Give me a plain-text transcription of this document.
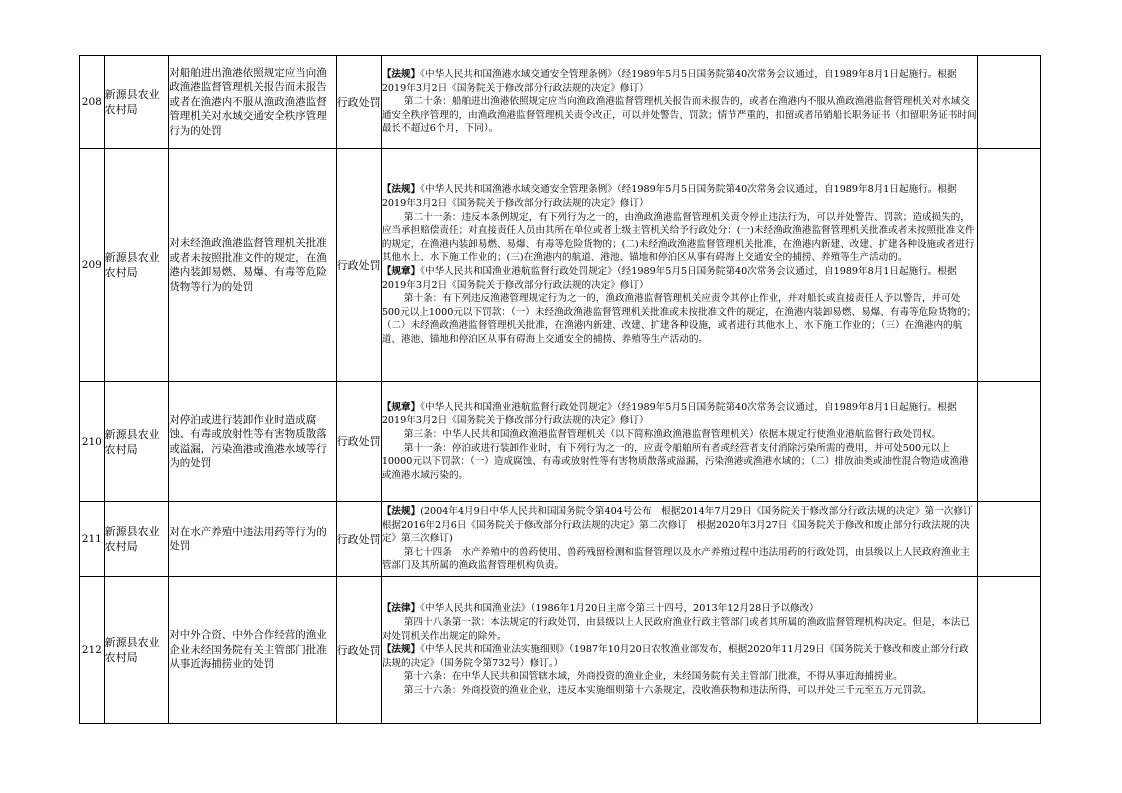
208	新源县农业农村局	对船舶进出渔港依照规定应当向渔政渔港监督管理机关报告而未报告或者在渔港内不服从渔政渔港监督管理机关对水域交通安全秩序管理行为的处罚	行政处罚	【法规】《中华人民共和国渔港水域交通安全管理条例》（经1989年5月5日国务院第40次常务会议通过，自1989年8月1日起施行。根据2019年3月2日《国务院关于修改部分行政法规的决定》修订）

第二十条：船舶进出渔港依照规定应当向渔政渔港监督管理机关报告而未报告的，或者在渔港内不服从渔政渔港监督管理机关对水域交通安全秩序管理的，由渔政渔港监督管理机关责令改正，可以并处警告、罚款；情节严重的，扣留或者吊销船长职务证书（扣留职务证书时间最长不超过6个月，下同）。	

209	新源县农业农村局	对未经渔政渔港监督管理机关批准或者未按照批准文件的规定，在渔港内装卸易燃、易爆、有毒等危险货物等行为的处罚	行政处罚	【法规】《中华人民共和国渔港水域交通安全管理条例》（经1989年5月5日国务院第40次常务会议通过，自1989年8月1日起施行。根据2019年3月2日《国务院关于修改部分行政法规的决定》修订）

第二十一条：违反本条例规定，有下列行为之一的，由渔政渔港监督管理机关责令停止违法行为，可以并处警告、罚款；造成损失的，应当承担赔偿责任；对直接责任人员由其所在单位或者上级主管机关给予行政处分：(一)未经渔政渔港监督管理机关批准或者未按照批准文件的规定，在渔港内装卸易燃、易爆、有毒等危险货物的；(二)未经渔政渔港监督管理机关批准，在渔港内新建、改建、扩建各种设施或者进行其他水上、水下施工作业的；(三)在渔港内的航道、港池、锚地和停泊区从事有碍海上交通安全的捕捞、养殖等生产活动的。

【规章】《中华人民共和国渔业港航监督行政处罚规定》（经1989年5月5日国务院第40次常务会议通过，自1989年8月1日起施行。根据2019年3月2日《国务院关于修改部分行政法规的决定》修订）

第十条：有下列违反渔港管理规定行为之一的，渔政渔港监督管理机关应责令其停止作业，并对船长或直接责任人予以警告，并可处500元以上1000元以下罚款：（一）未经渔政渔港监督管理机关批准或未按批准文件的规定，在渔港内装卸易燃、易爆、有毒等危险货物的；（二）未经渔政渔港监督管理机关批准，在渔港内新建、改建、扩建各种设施，或者进行其他水上、水下施工作业的；（三）在渔港内的航道、港池、锚地和停泊区从事有碍海上交通安全的捕捞、养殖等生产活动的。	

210	新源县农业农村局	对停泊或进行装卸作业时造成腐蚀、有毒或放射性等有害物质散落或溢漏，污染渔港或渔港水域等行为的处罚	行政处罚	【规章】《中华人民共和国渔业港航监督行政处罚规定》（经1989年5月5日国务院第40次常务会议通过，自1989年8月1日起施行。根据2019年3月2日《国务院关于修改部分行政法规的决定》修订）

第三条：中华人民共和国渔政渔港监督管理机关（以下简称渔政渔港监督管理机关）依据本规定行使渔业港航监督行政处罚权。

第十一条：停泊或进行装卸作业时，有下列行为之一的，应责令船舶所有者或经营者支付消除污染所需的费用，并可处500元以上10000元以下罚款：（一）造成腐蚀、有毒或放射性等有害物质散落或溢漏，污染渔港或渔港水域的；（二）排放油类或油性混合物造成渔港或渔港水域污染的。	

211	新源县农业农村局	对在水产养殖中违法用药等行为的处罚	行政处罚	【法规】(2004年4月9日中华人民共和国国务院令第404号公布　根据2014年7月29日《国务院关于修改部分行政法规的决定》第一次修订　根据2016年2月6日《国务院关于修改部分行政法规的决定》第二次修订　根据2020年3月27日《国务院关于修改和废止部分行政法规的决定》第三次修订)

第七十四条　水产养殖中的兽药使用、兽药残留检测和监督管理以及水产养殖过程中违法用药的行政处罚，由县级以上人民政府渔业主管部门及其所属的渔政监督管理机构负责。	

212	新源县农业农村局	对中外合资、中外合作经营的渔业企业未经国务院有关主管部门批准从事近海捕捞业的处罚	行政处罚	【法律】《中华人民共和国渔业法》（1986年1月20日主席令第三十四号，2013年12月28日予以修改）

第四十八条第一款：本法规定的行政处罚，由县级以上人民政府渔业行政主管部门或者其所属的渔政监督管理机构决定。但是，本法已对处罚机关作出规定的除外。

【法规】《中华人民共和国渔业法实施细则》（1987年10月20日农牧渔业部发布，根据2020年11月29日《国务院关于修改和废止部分行政法规的决定》（国务院令第732号）修订。）

第十六条：在中华人民共和国管辖水域，外商投资的渔业企业，未经国务院有关主管部门批准，不得从事近海捕捞业。

第三十六条：外商投资的渔业企业，违反本实施细则第十六条规定，没收渔获物和违法所得，可以并处三千元至五万元罚款。	
